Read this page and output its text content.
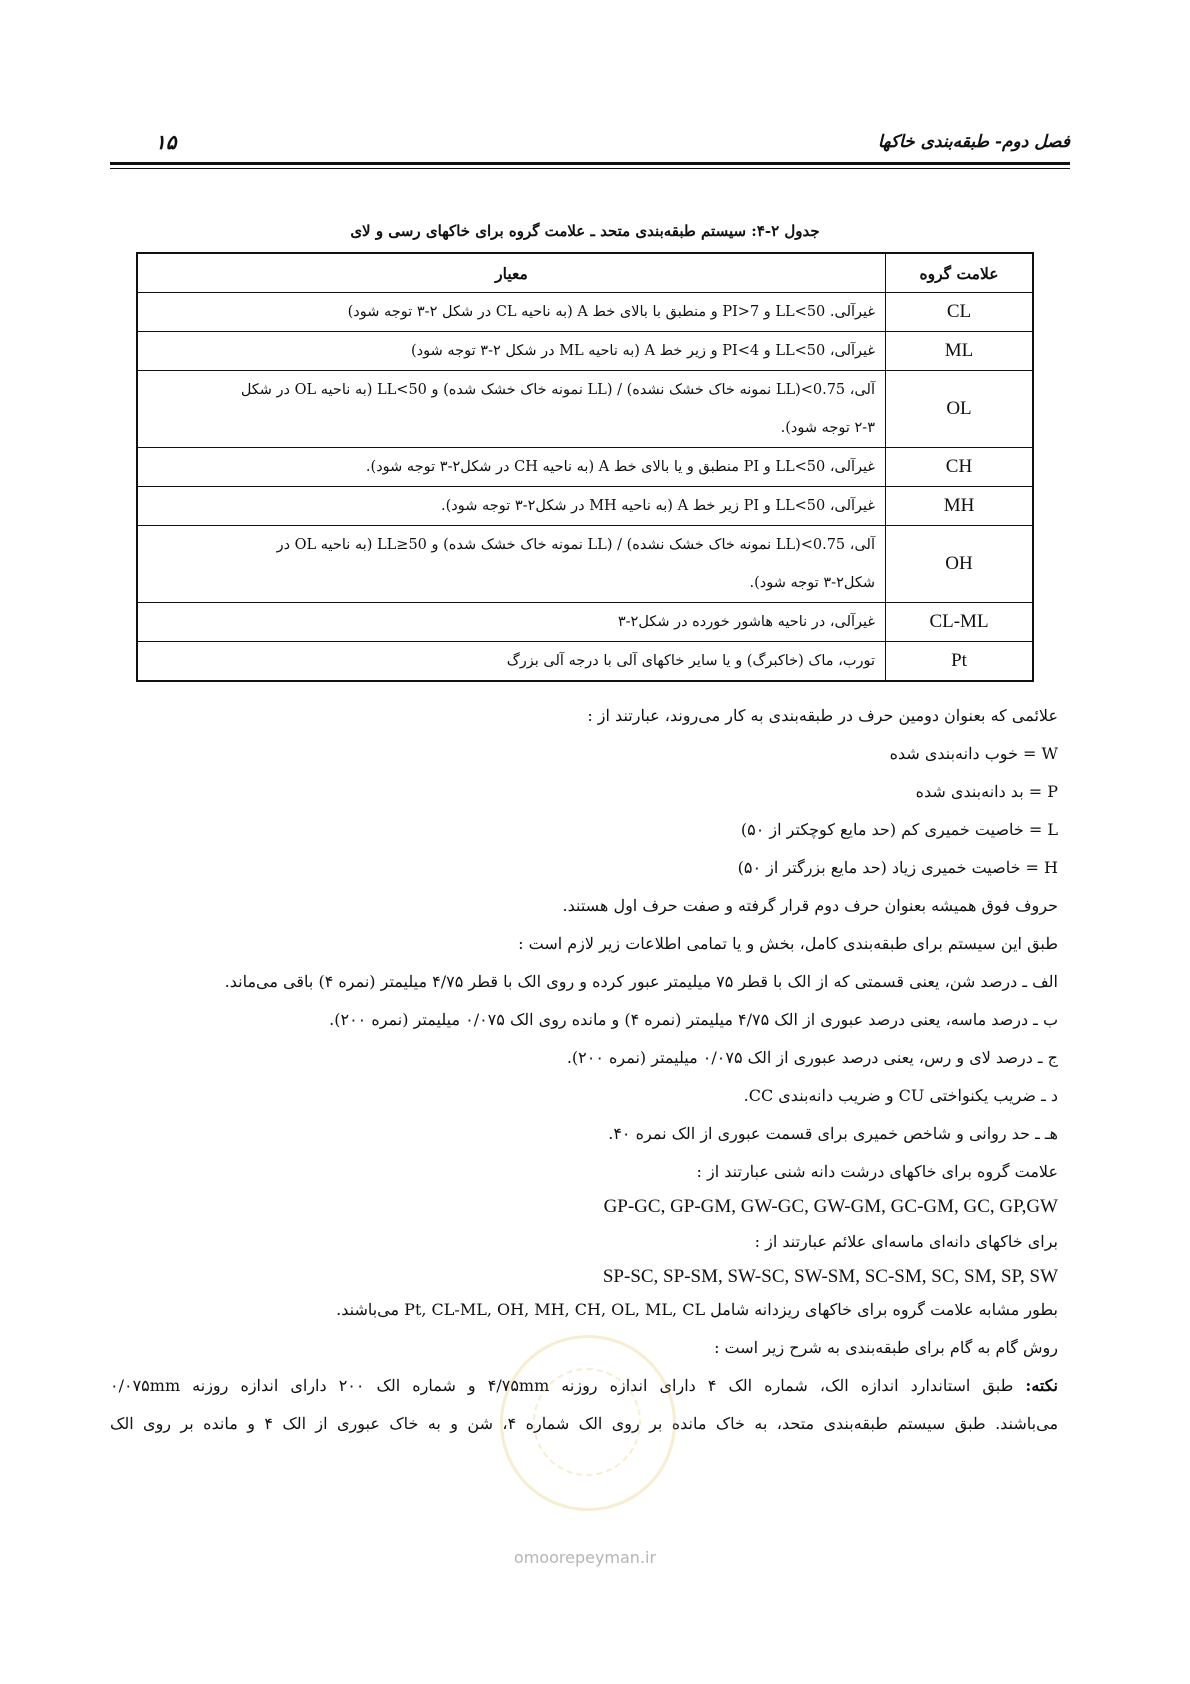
فصل دوم- طبقه‌بندی خاکها
۱۵
جدول ۲-۴: سیستم طبقه‌بندی متحد ـ علامت گروه برای خاکهای رسی و لای
علامت گروه	معیار
CL	غیرآلی. LL<50 و PI>7 و منطبق با بالای خط A (به ناحیه CL در شکل ۲-۳ توجه شود)

ML	غیرآلی، LL<50 و PI<4 و زیر خط A (به ناحیه ML در شکل ۲-۳ توجه شود)

OL	آلی، LL)<0.75 نمونه خاک خشک نشده) / (LL نمونه خاک خشک شده) و LL<50 (به ناحیه OL در شکل
۲-۳ توجه شود).

CH	غیرآلی، LL<50 و PI منطبق و یا بالای خط A (به ناحیه CH در شکل۲-۳ توجه شود).

MH	غیرآلی، LL<50 و PI زیر خط A (به ناحیه MH در شکل۲-۳ توجه شود).

OH	آلی، LL)<0.75 نمونه خاک خشک نشده) / (LL نمونه خاک خشک شده) و LL≥50 (به ناحیه OL در
شکل۲-۳ توجه شود).

CL-ML	غیرآلی، در ناحیه هاشور خورده در شکل۲-۳

Pt	تورب، ماک (خاکبرگ) و یا سایر خاکهای آلی با درجه آلی بزرگ
علائمی که بعنوان دومین حرف در طبقه‌بندی به کار می‌روند، عبارتند از :
W = خوب دانه‌بندی شده
P = بد دانه‌بندی شده
L = خاصیت خمیری کم (حد مایع کوچکتر از ۵۰)
H = خاصیت خمیری زیاد (حد مایع بزرگتر از ۵۰)
حروف فوق همیشه بعنوان حرف دوم قرار گرفته و صفت حرف اول هستند.
طبق این سیستم برای طبقه‌بندی کامل، بخش و یا تمامی اطلاعات زیر لازم است :
الف ـ درصد شن، یعنی قسمتی که از الک با قطر ۷۵ میلیمتر عبور کرده و روی الک با قطر ۴/۷۵ میلیمتر (نمره ۴) باقی می‌ماند.
ب ـ درصد ماسه، یعنی درصد عبوری از الک ۴/۷۵ میلیمتر (نمره ۴) و مانده روی الک ۰/۰۷۵ میلیمتر (نمره ۲۰۰).
ج ـ درصد لای و رس، یعنی درصد عبوری از الک ۰/۰۷۵ میلیمتر (نمره ۲۰۰).
د ـ ضریب یکنواختی CU و ضریب دانه‌بندی CC.
هـ ـ حد روانی و شاخص خمیری برای قسمت عبوری از الک نمره ۴۰.
علامت گروه برای خاکهای درشت دانه شنی عبارتند از :
GP-GC, GP-GM, GW-GC, GW-GM, GC-GM, GC, GP,GW
برای خاکهای دانه‌ای ماسه‌ای علائم عبارتند از :
SP-SC, SP-SM, SW-SC, SW-SM, SC-SM, SC, SM, SP, SW
بطور مشابه علامت گروه برای خاکهای ریزدانه شامل Pt, CL-ML, OH, MH, CH, OL, ML, CL می‌باشند.
روش گام به گام برای طبقه‌بندی به شرح زیر است :
نکته: طبق استاندارد اندازه الک، شماره الک ۴ دارای اندازه روزنه ۴/۷۵mm و شماره الک ۲۰۰ دارای اندازه روزنه ۰/۰۷۵mm
می‌باشند. طبق سیستم طبقه‌بندی متحد، به خاک مانده بر روی الک شماره ۴، شن و به خاک عبوری از الک ۴ و مانده بر روی الک
omoorepeyman.ir
